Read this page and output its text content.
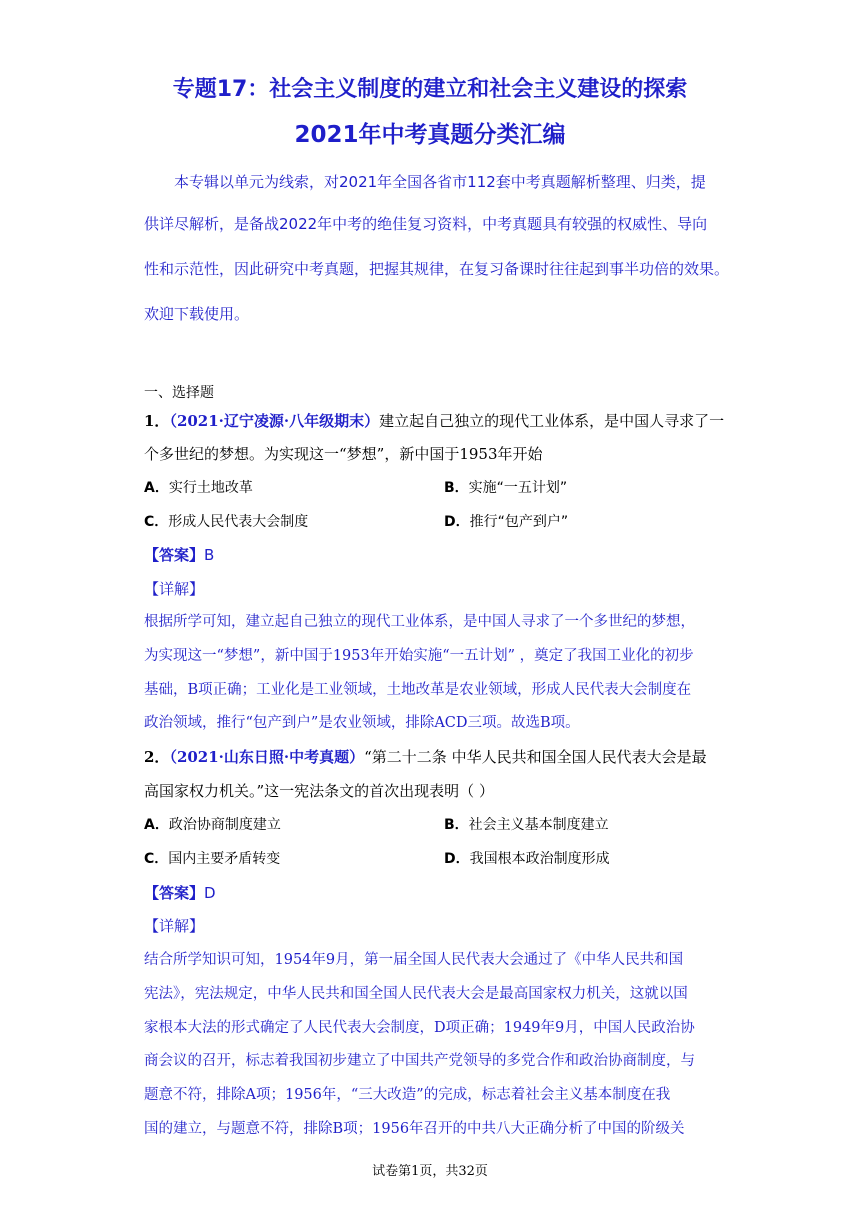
专题17：社会主义制度的建立和社会主义建设的探索
2021年中考真题分类汇编
本专辑以单元为线索，对2021年全国各省市112套中考真题解析整理、归类，提
供详尽解析，是备战2022年中考的绝佳复习资料，中考真题具有较强的权威性、导向
性和示范性，因此研究中考真题，把握其规律，在复习备课时往往起到事半功倍的效果。
欢迎下载使用。
一、选择题
1．（2021·辽宁凌源·八年级期末）建立起自己独立的现代工业体系，是中国人寻求了一
个多世纪的梦想。为实现这一“梦想”，新中国于1953年开始
A．实行土地改革	B．实施“一五计划”
C．形成人民代表大会制度	D．推行“包产到户”
【答案】B
【详解】
根据所学可知，建立起自己独立的现代工业体系，是中国人寻求了一个多世纪的梦想，
为实现这一“梦想”，新中国于1953年开始实施“一五计划” ，奠定了我国工业化的初步
基础，B项正确；工业化是工业领域，土地改革是农业领域，形成人民代表大会制度在
政治领域，推行“包产到户”是农业领域，排除ACD三项。故选B项。
2．（2021·山东日照·中考真题）“第二十二条 中华人民共和国全国人民代表大会是最
高国家权力机关。”这一宪法条文的首次出现表明（ ）
A．政治协商制度建立	B．社会主义基本制度建立
C．国内主要矛盾转变	D．我国根本政治制度形成
【答案】D
【详解】
结合所学知识可知，1954年9月，第一届全国人民代表大会通过了《中华人民共和国
宪法》，宪法规定，中华人民共和国全国人民代表大会是最高国家权力机关，这就以国
家根本大法的形式确定了人民代表大会制度，D项正确；1949年9月，中国人民政治协
商会议的召开，标志着我国初步建立了中国共产党领导的多党合作和政治协商制度，与
题意不符，排除A项；1956年，“三大改造”的完成，标志着社会主义基本制度在我
国的建立，与题意不符，排除B项；1956年召开的中共八大正确分析了中国的阶级关
试卷第1页，共32页
